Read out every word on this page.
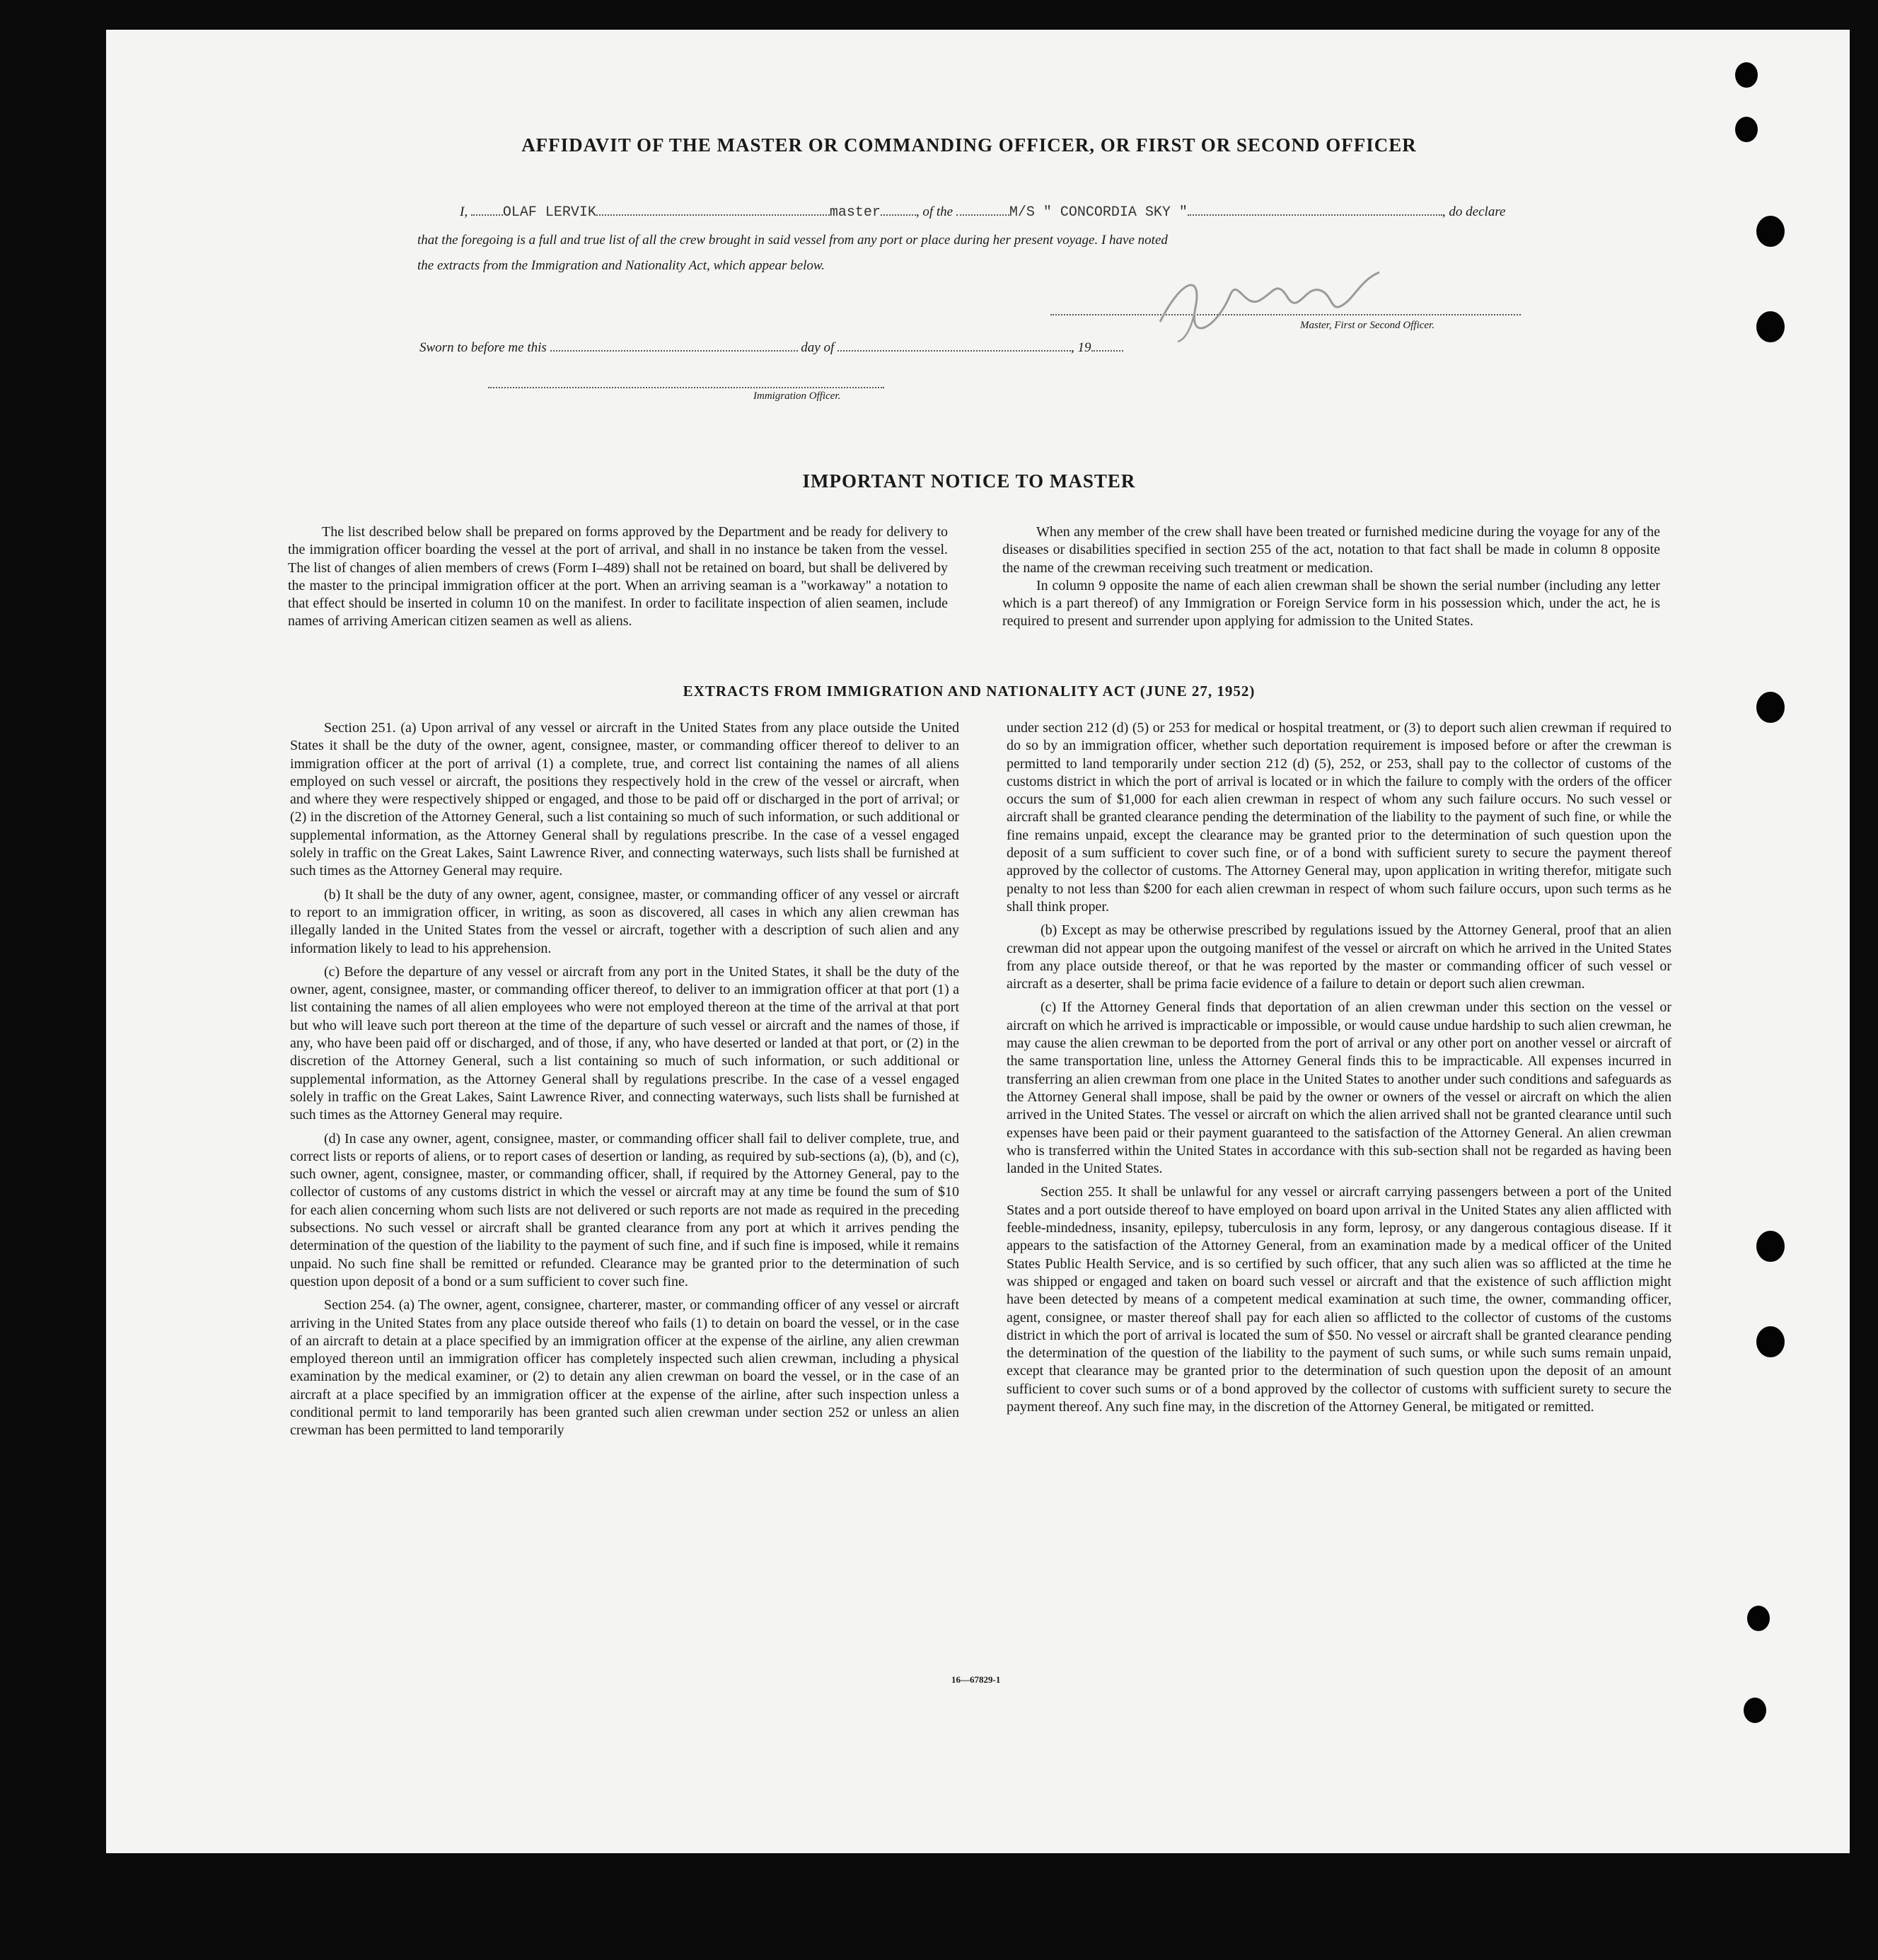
AFFIDAVIT OF THE MASTER OR COMMANDING OFFICER, OR FIRST OR SECOND OFFICER
I, OLAF LERVIK	master	, of the	M/S " CONCORDIA SKY "	, do declare
that the foregoing is a full and true list of all the crew brought in said vessel from any port or place during her present voyage. I have noted
the extracts from the Immigration and Nationality Act, which appear below.
Master, First or Second Officer.
Sworn to before me this	day of	, 19
Immigration Officer.
IMPORTANT NOTICE TO MASTER

The list described below shall be prepared on forms approved by the Department and be ready for delivery to the immigration officer boarding the vessel at the port of arrival, and shall in no instance be taken from the vessel. The list of changes of alien members of crews (Form I–489) shall not be retained on board, but shall be delivered by the master to the principal immigration officer at the port. When an arriving seaman is a "workaway" a notation to that effect should be inserted in column 10 on the manifest. In order to facilitate inspection of alien seamen, include names of arriving American citizen seamen as well as aliens.

When any member of the crew shall have been treated or furnished medicine during the voyage for any of the diseases or disabilities specified in section 255 of the act, notation to that fact shall be made in column 8 opposite the name of the crewman receiving such treatment or medication.

In column 9 opposite the name of each alien crewman shall be shown the serial number (including any letter which is a part thereof) of any Immigration or Foreign Service form in his possession which, under the act, he is required to present and surrender upon applying for admission to the United States.

EXTRACTS FROM IMMIGRATION AND NATIONALITY ACT (JUNE 27, 1952)

Section 251. (a) Upon arrival of any vessel or aircraft in the United States from any place outside the United States it shall be the duty of the owner, agent, consignee, master, or commanding officer thereof to deliver to an immigration officer at the port of arrival (1) a complete, true, and correct list containing the names of all aliens employed on such vessel or aircraft, the positions they respectively hold in the crew of the vessel or aircraft, when and where they were respectively shipped or engaged, and those to be paid off or discharged in the port of arrival; or (2) in the discretion of the Attorney General, such a list containing so much of such information, or such additional or supplemental information, as the Attorney General shall by regulations prescribe. In the case of a vessel engaged solely in traffic on the Great Lakes, Saint Lawrence River, and connecting waterways, such lists shall be furnished at such times as the Attorney General may require.

(b) It shall be the duty of any owner, agent, consignee, master, or commanding officer of any vessel or aircraft to report to an immigration officer, in writing, as soon as discovered, all cases in which any alien crewman has illegally landed in the United States from the vessel or aircraft, together with a description of such alien and any information likely to lead to his apprehension.

(c) Before the departure of any vessel or aircraft from any port in the United States, it shall be the duty of the owner, agent, consignee, master, or commanding officer thereof, to deliver to an immigration officer at that port (1) a list containing the names of all alien employees who were not employed thereon at the time of the arrival at that port but who will leave such port thereon at the time of the departure of such vessel or aircraft and the names of those, if any, who have been paid off or discharged, and of those, if any, who have deserted or landed at that port, or (2) in the discretion of the Attorney General, such a list containing so much of such information, or such additional or supplemental information, as the Attorney General shall by regulations prescribe. In the case of a vessel engaged solely in traffic on the Great Lakes, Saint Lawrence River, and connecting waterways, such lists shall be furnished at such times as the Attorney General may require.

(d) In case any owner, agent, consignee, master, or commanding officer shall fail to deliver complete, true, and correct lists or reports of aliens, or to report cases of desertion or landing, as required by sub-sections (a), (b), and (c), such owner, agent, consignee, master, or commanding officer, shall, if required by the Attorney General, pay to the collector of customs of any customs district in which the vessel or aircraft may at any time be found the sum of $10 for each alien concerning whom such lists are not delivered or such reports are not made as required in the preceding subsections. No such vessel or aircraft shall be granted clearance from any port at which it arrives pending the determination of the question of the liability to the payment of such fine, and if such fine is imposed, while it remains unpaid. No such fine shall be remitted or refunded. Clearance may be granted prior to the determination of such question upon deposit of a bond or a sum sufficient to cover such fine.

Section 254. (a) The owner, agent, consignee, charterer, master, or commanding officer of any vessel or aircraft arriving in the United States from any place outside thereof who fails (1) to detain on board the vessel, or in the case of an aircraft to detain at a place specified by an immigration officer at the expense of the airline, any alien crewman employed thereon until an immigration officer has completely inspected such alien crewman, including a physical examination by the medical examiner, or (2) to detain any alien crewman on board the vessel, or in the case of an aircraft at a place specified by an immigration officer at the expense of the airline, after such inspection unless a conditional permit to land temporarily has been granted such alien crewman under section 252 or unless an alien crewman has been permitted to land temporarily

under section 212 (d) (5) or 253 for medical or hospital treatment, or (3) to deport such alien crewman if required to do so by an immigration officer, whether such deportation requirement is imposed before or after the crewman is permitted to land temporarily under section 212 (d) (5), 252, or 253, shall pay to the collector of customs of the customs district in which the port of arrival is located or in which the failure to comply with the orders of the officer occurs the sum of $1,000 for each alien crewman in respect of whom any such failure occurs. No such vessel or aircraft shall be granted clearance pending the determination of the liability to the payment of such fine, or while the fine remains unpaid, except the clearance may be granted prior to the determination of such question upon the deposit of a sum sufficient to cover such fine, or of a bond with sufficient surety to secure the payment thereof approved by the collector of customs. The Attorney General may, upon application in writing therefor, mitigate such penalty to not less than $200 for each alien crewman in respect of whom such failure occurs, upon such terms as he shall think proper.

(b) Except as may be otherwise prescribed by regulations issued by the Attorney General, proof that an alien crewman did not appear upon the outgoing manifest of the vessel or aircraft on which he arrived in the United States from any place outside thereof, or that he was reported by the master or commanding officer of such vessel or aircraft as a deserter, shall be prima facie evidence of a failure to detain or deport such alien crewman.

(c) If the Attorney General finds that deportation of an alien crewman under this section on the vessel or aircraft on which he arrived is impracticable or impossible, or would cause undue hardship to such alien crewman, he may cause the alien crewman to be deported from the port of arrival or any other port on another vessel or aircraft of the same transportation line, unless the Attorney General finds this to be impracticable. All expenses incurred in transferring an alien crewman from one place in the United States to another under such conditions and safeguards as the Attorney General shall impose, shall be paid by the owner or owners of the vessel or aircraft on which the alien arrived in the United States. The vessel or aircraft on which the alien arrived shall not be granted clearance until such expenses have been paid or their payment guaranteed to the satisfaction of the Attorney General. An alien crewman who is transferred within the United States in accordance with this sub-section shall not be regarded as having been landed in the United States.

Section 255. It shall be unlawful for any vessel or aircraft carrying passengers between a port of the United States and a port outside thereof to have employed on board upon arrival in the United States any alien afflicted with feeble-mindedness, insanity, epilepsy, tuberculosis in any form, leprosy, or any dangerous contagious disease. If it appears to the satisfaction of the Attorney General, from an examination made by a medical officer of the United States Public Health Service, and is so certified by such officer, that any such alien was so afflicted at the time he was shipped or engaged and taken on board such vessel or aircraft and that the existence of such affliction might have been detected by means of a competent medical examination at such time, the owner, commanding officer, agent, consignee, or master thereof shall pay for each alien so afflicted to the collector of customs of the customs district in which the port of arrival is located the sum of $50. No vessel or aircraft shall be granted clearance pending the determination of the question of the liability to the payment of such sums, or while such sums remain unpaid, except that clearance may be granted prior to the determination of such question upon the deposit of an amount sufficient to cover such sums or of a bond approved by the collector of customs with sufficient surety to secure the payment thereof. Any such fine may, in the discretion of the Attorney General, be mitigated or remitted.

16—67829-1
